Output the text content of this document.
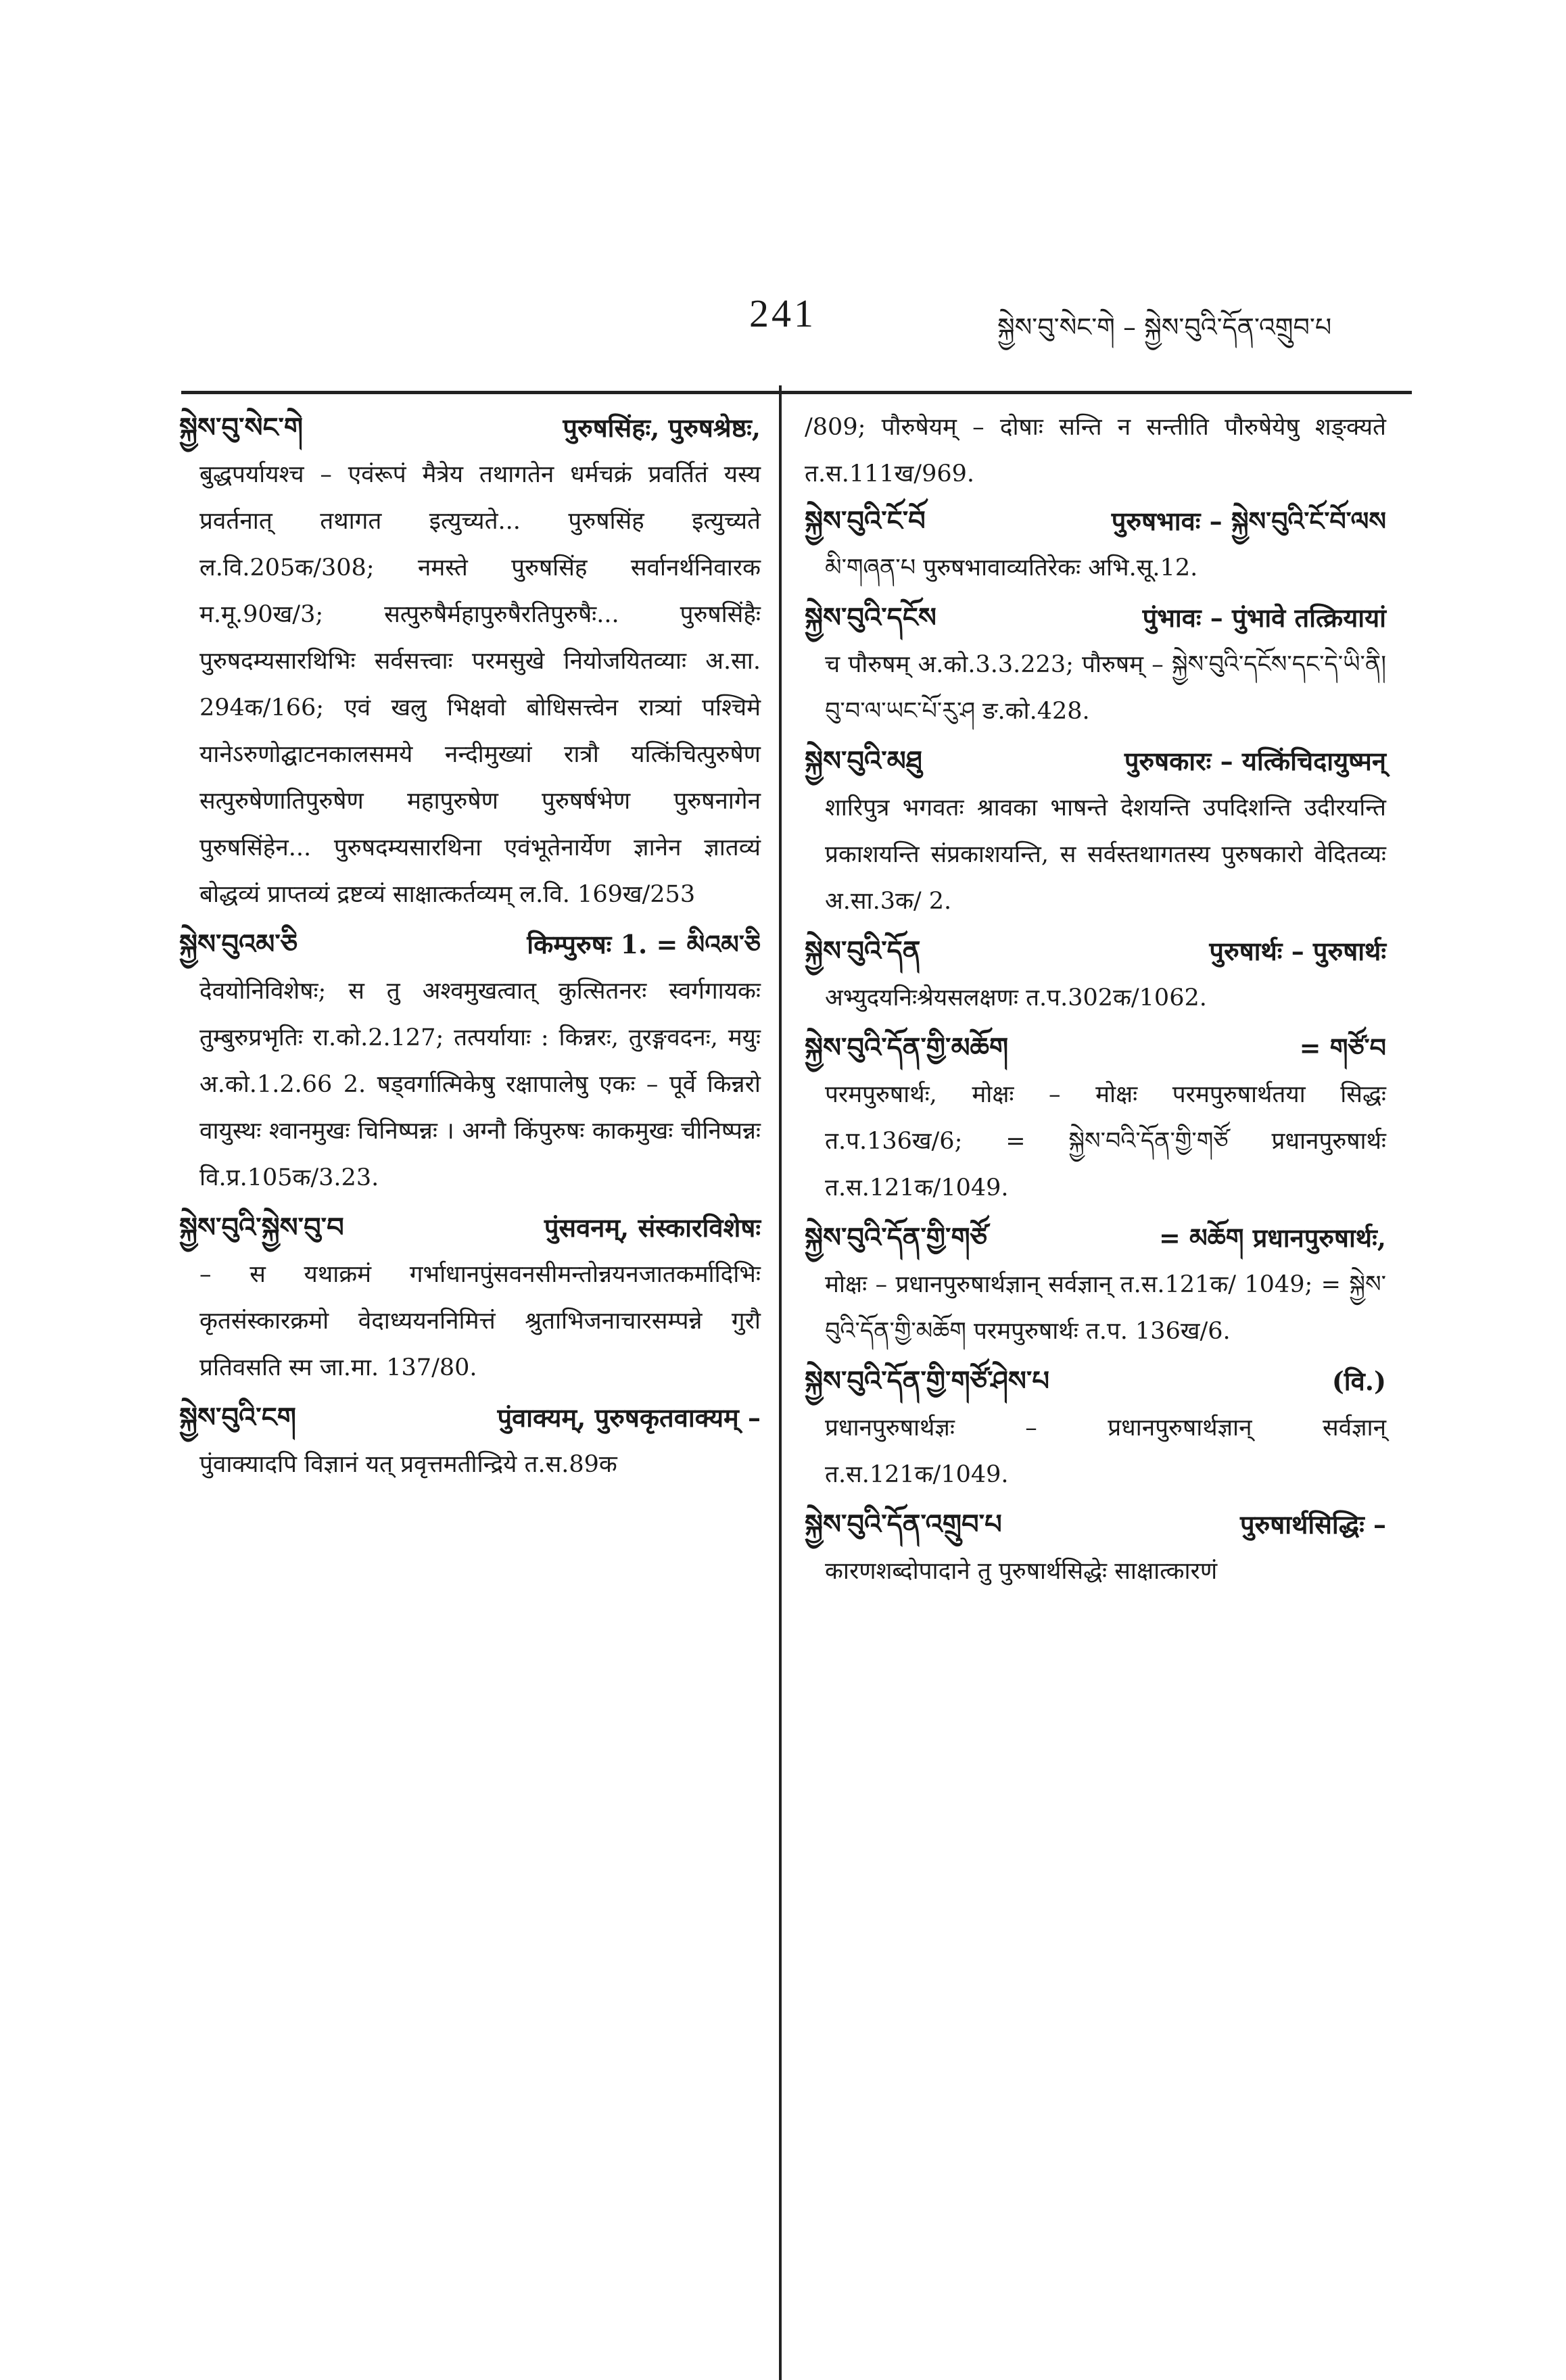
241	སྐྱེས་བུ་སེང་གེ – སྐྱེས་བུའི་དོན་འགྲུབ་པ
སྐྱེས་བུ་སེང་གེ	पुरुषसिंहः, पुरुषश्रेष्ठः,
बुद्धपर्यायश्च – एवंरूपं मैत्रेय तथागतेन धर्मचक्रं प्रवर्तितं यस्य प्रवर्तनात् तथागत इत्युच्यते... पुरुषसिंह इत्युच्यते ल.वि.205क/308; नमस्ते पुरुषसिंह सर्वानर्थनिवारक म.मू.90ख/3; सत्पुरुषैर्महापुरुषैरतिपुरुषैः... पुरुषसिंहैः पुरुषदम्यसारथिभिः सर्वसत्त्वाः परमसुखे नियोजयितव्याः अ.सा. 294क/166; एवं खलु भिक्षवो बोधिसत्त्वेन रात्र्यां पश्चिमे यानेऽरुणोद्घाटनकालसमये नन्दीमुख्यां रात्रौ यत्किंचित्पुरुषेण सत्पुरुषेणातिपुरुषेण महापुरुषेण पुरुषर्षभेण पुरुषनागेन पुरुषसिंहेन... पुरुषदम्यसारथिना एवंभूतेनार्येण ज्ञानेन ज्ञातव्यं बोद्धव्यं प्राप्तव्यं द्रष्टव्यं साक्षात्कर्तव्यम् ल.वि. 169ख/253
སྐྱེས་བུའམ་ཅི	किम्पुरुषः 1. = མིའམ་ཅི
देवयोनिविशेषः; स तु अश्वमुखत्वात् कुत्सितनरः स्वर्गगायकः तुम्बुरुप्रभृतिः रा.को.2.127; तत्पर्यायाः : किन्नरः, तुरङ्गवदनः, मयुः अ.को.1.2.66 2. षड्वर्गात्मिकेषु रक्षापालेषु एकः – पूर्वे किन्नरो वायुस्थः श्वानमुखः चिनिष्पन्नः । अग्नौ किंपुरुषः काकमुखः चीनिष्पन्नः वि.प्र.105क/3.23.
སྐྱེས་བུའི་སྐྱེས་བུ་བ	पुंसवनम्, संस्कारविशेषः
– स यथाक्रमं गर्भाधानपुंसवनसीमन्तोन्नयनजातकर्मादिभिः कृतसंस्कारक्रमो वेदाध्ययननिमित्तं श्रुताभिजनाचारसम्पन्ने गुरौ प्रतिवसति स्म जा.मा. 137/80.
སྐྱེས་བུའི་ངག	पुंवाक्यम्, पुरुषकृतवाक्यम् –
पुंवाक्यादपि विज्ञानं यत् प्रवृत्तमतीन्द्रिये त.स.89क
/809; पौरुषेयम् – दोषाः सन्ति न सन्तीति पौरुषेयेषु शङ्क्यते त.स.111ख/969.
སྐྱེས་བུའི་ངོ་བོ	पुरुषभावः – སྐྱེས་བུའི་ངོ་བོ་ལས
མི་གཞན་པ पुरुषभावाव्यतिरेकः अभि.सू.12.
སྐྱེས་བུའི་དངོས	पुंभावः – पुंभावे तत्क्रियायां
च पौरुषम् अ.को.3.3.223; पौरुषम् – སྐྱེས་བུའི་དངོས་དང་དེ་ཡི་ནི། བུ་བ་ལ་ཡང་པོ་རུ་ཤ ङ.को.428.
སྐྱེས་བུའི་མཐུ	पुरुषकारः – यत्किंचिदायुष्मन्
शारिपुत्र भगवतः श्रावका भाषन्ते देशयन्ति उपदिशन्ति उदीरयन्ति प्रकाशयन्ति संप्रकाशयन्ति, स सर्वस्तथागतस्य पुरुषकारो वेदितव्यः अ.सा.3क/ 2.
སྐྱེས་བུའི་དོན	पुरुषार्थः – पुरुषार्थः
अभ्युदयनिःश्रेयसलक्षणः त.प.302क/1062.
སྐྱེས་བུའི་དོན་གྱི་མཆོག	= གཙོ་བ
परमपुरुषार्थः, मोक्षः – मोक्षः परमपुरुषार्थतया सिद्धः त.प.136ख/6; = སྐྱེས་བའི་དོན་གྱི་གཙོ प्रधानपुरुषार्थः त.स.121क/1049.
སྐྱེས་བུའི་དོན་གྱི་གཙོ	= མཆོག प्रधानपुरुषार्थः,
मोक्षः – प्रधानपुरुषार्थज्ञान् सर्वज्ञान् त.स.121क/ 1049; = སྐྱེས་བུའི་དོན་གྱི་མཆོག परमपुरुषार्थः त.प. 136ख/6.
སྐྱེས་བུའི་དོན་གྱི་གཙོ་ཤེས་པ	(वि.)
प्रधानपुरुषार्थज्ञः – प्रधानपुरुषार्थज्ञान् सर्वज्ञान् त.स.121क/1049.
སྐྱེས་བུའི་དོན་འགྲུབ་པ	पुरुषार्थसिद्धिः –
कारणशब्दोपादाने तु पुरुषार्थसिद्धेः साक्षात्कारणं
